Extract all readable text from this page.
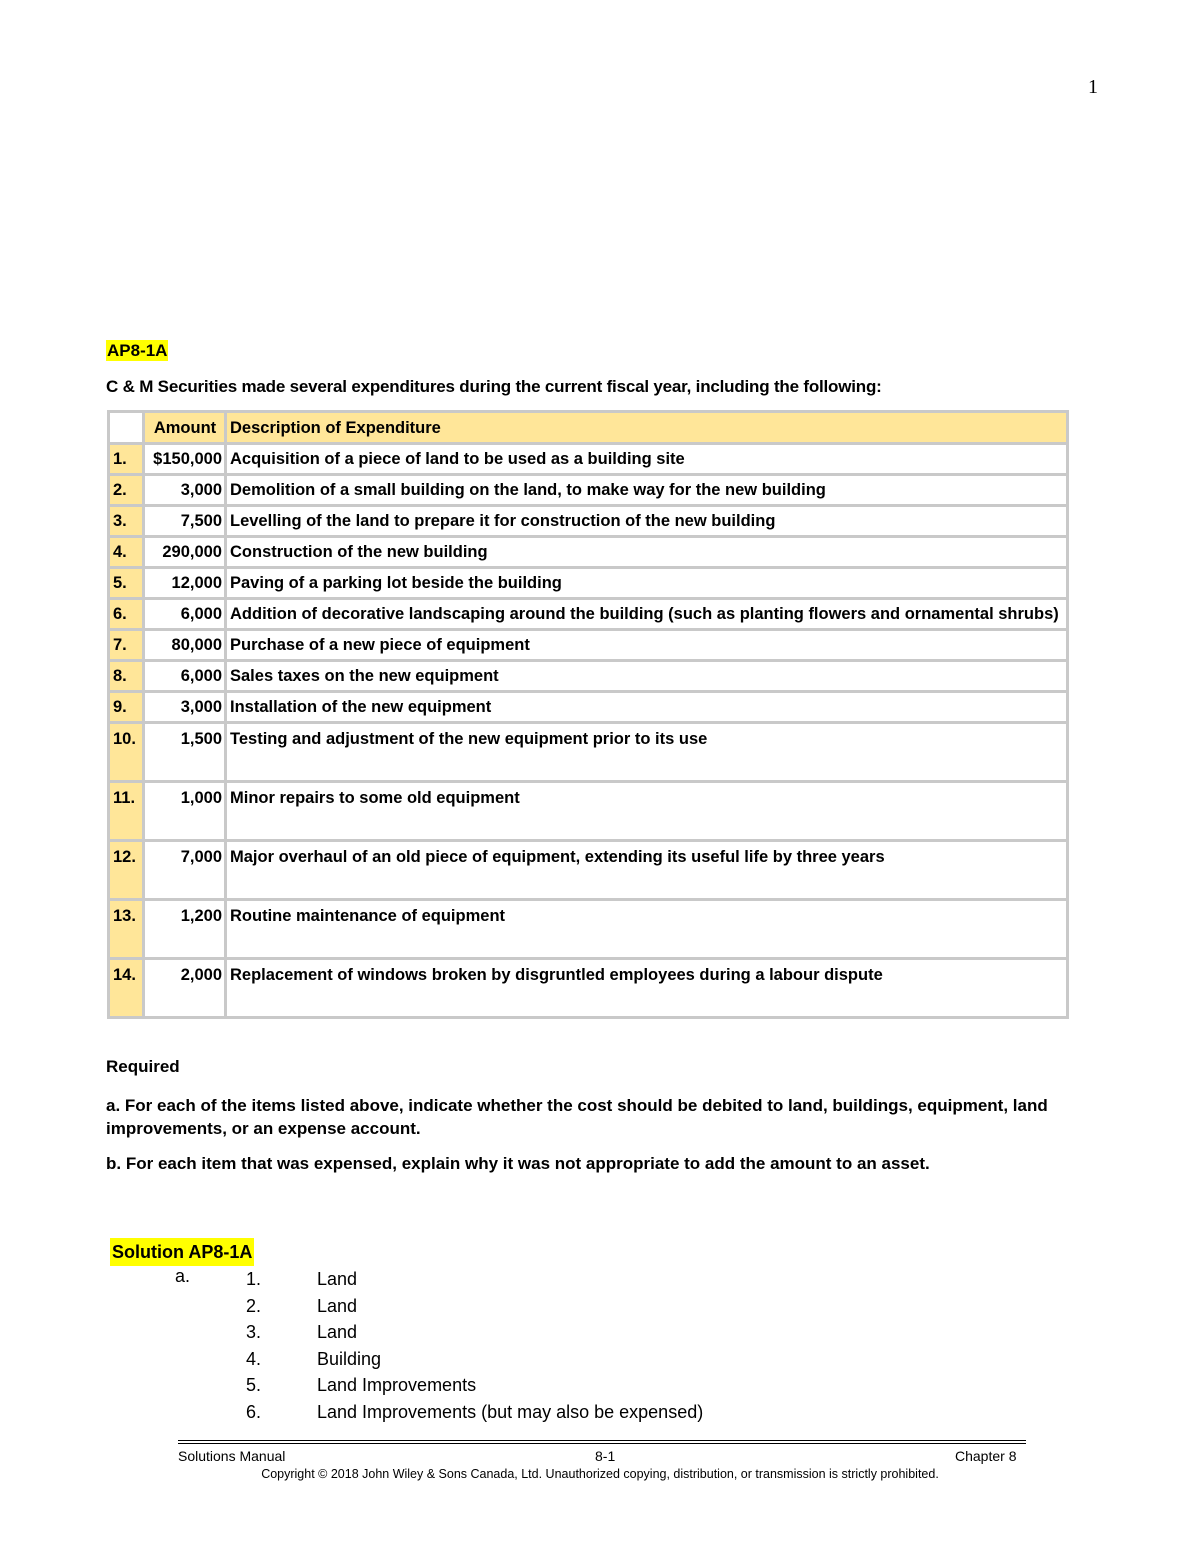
1
AP8-1A
C & M Securities made several expenditures during the current fiscal year, including the following:
	Amount	Description of Expenditure
1.	$150,000	Acquisition of a piece of land to be used as a building site
2.	3,000	Demolition of a small building on the land, to make way for the new building
3.	7,500	Levelling of the land to prepare it for construction of the new building
4.	290,000	Construction of the new building
5.	12,000	Paving of a parking lot beside the building
6.	6,000	Addition of decorative landscaping around the building (such as planting flowers and ornamental shrubs)
7.	80,000	Purchase of a new piece of equipment
8.	6,000	Sales taxes on the new equipment
9.	3,000	Installation of the new equipment
10.	1,500	Testing and adjustment of the new equipment prior to its use
11.	1,000	Minor repairs to some old equipment
12.	7,000	Major overhaul of an old piece of equipment, extending its useful life by three years
13.	1,200	Routine maintenance of equipment
14.	2,000	Replacement of windows broken by disgruntled employees during a labour dispute
Required
a. For each of the items listed above, indicate whether the cost should be debited to land, buildings, equipment, land improvements, or an expense account.
b. For each item that was expensed, explain why it was not appropriate to add the amount to an asset.
Solution AP8-1A
a.	1.	Land
2.	Land
3.	Land
4.	Building
5.	Land Improvements
6.	Land Improvements (but may also be expensed)
Solutions Manual	8-1	Chapter 8
Copyright © 2018 John Wiley & Sons Canada, Ltd. Unauthorized copying, distribution, or transmission is strictly prohibited.
